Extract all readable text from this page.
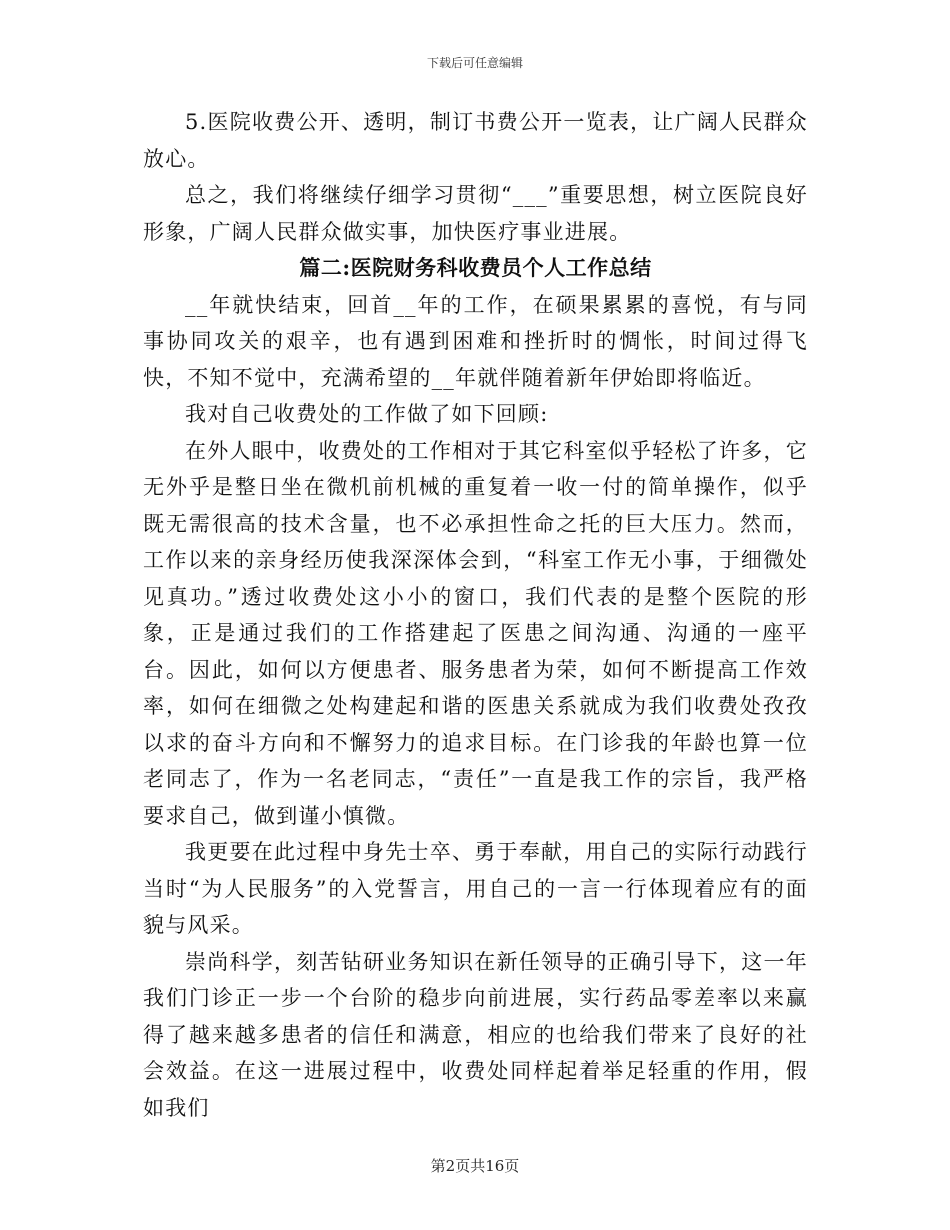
下载后可任意编辑

5.医院收费公开、透明，制订书费公开一览表，让广阔人民群众放心。

总之，我们将继续仔细学习贯彻“___”重要思想，树立医院良好形象，广阔人民群众做实事，加快医疗事业进展。

篇二:医院财务科收费员个人工作总结

__年就快结束，回首__年的工作，在硕果累累的喜悦，有与同事协同攻关的艰辛，也有遇到困难和挫折时的惆怅，时间过得飞快，不知不觉中，充满希望的__年就伴随着新年伊始即将临近。

我对自己收费处的工作做了如下回顾:

在外人眼中，收费处的工作相对于其它科室似乎轻松了许多，它无外乎是整日坐在微机前机械的重复着一收一付的简单操作，似乎既无需很高的技术含量，也不必承担性命之托的巨大压力。然而，工作以来的亲身经历使我深深体会到，“科室工作无小事，于细微处见真功。”透过收费处这小小的窗口，我们代表的是整个医院的形象，正是通过我们的工作搭建起了医患之间沟通、沟通的一座平台。因此，如何以方便患者、服务患者为荣，如何不断提高工作效率，如何在细微之处构建起和谐的医患关系就成为我们收费处孜孜以求的奋斗方向和不懈努力的追求目标。在门诊我的年龄也算一位老同志了，作为一名老同志，“责任”一直是我工作的宗旨，我严格要求自己，做到谨小慎微。

我更要在此过程中身先士卒、勇于奉献，用自己的实际行动践行当时“为人民服务”的入党誓言，用自己的一言一行体现着应有的面貌与风采。

崇尚科学，刻苦钻研业务知识在新任领导的正确引导下，这一年我们门诊正一步一个台阶的稳步向前进展，实行药品零差率以来赢得了越来越多患者的信任和满意，相应的也给我们带来了良好的社会效益。在这一进展过程中，收费处同样起着举足轻重的作用，假如我们

第2页共16页
